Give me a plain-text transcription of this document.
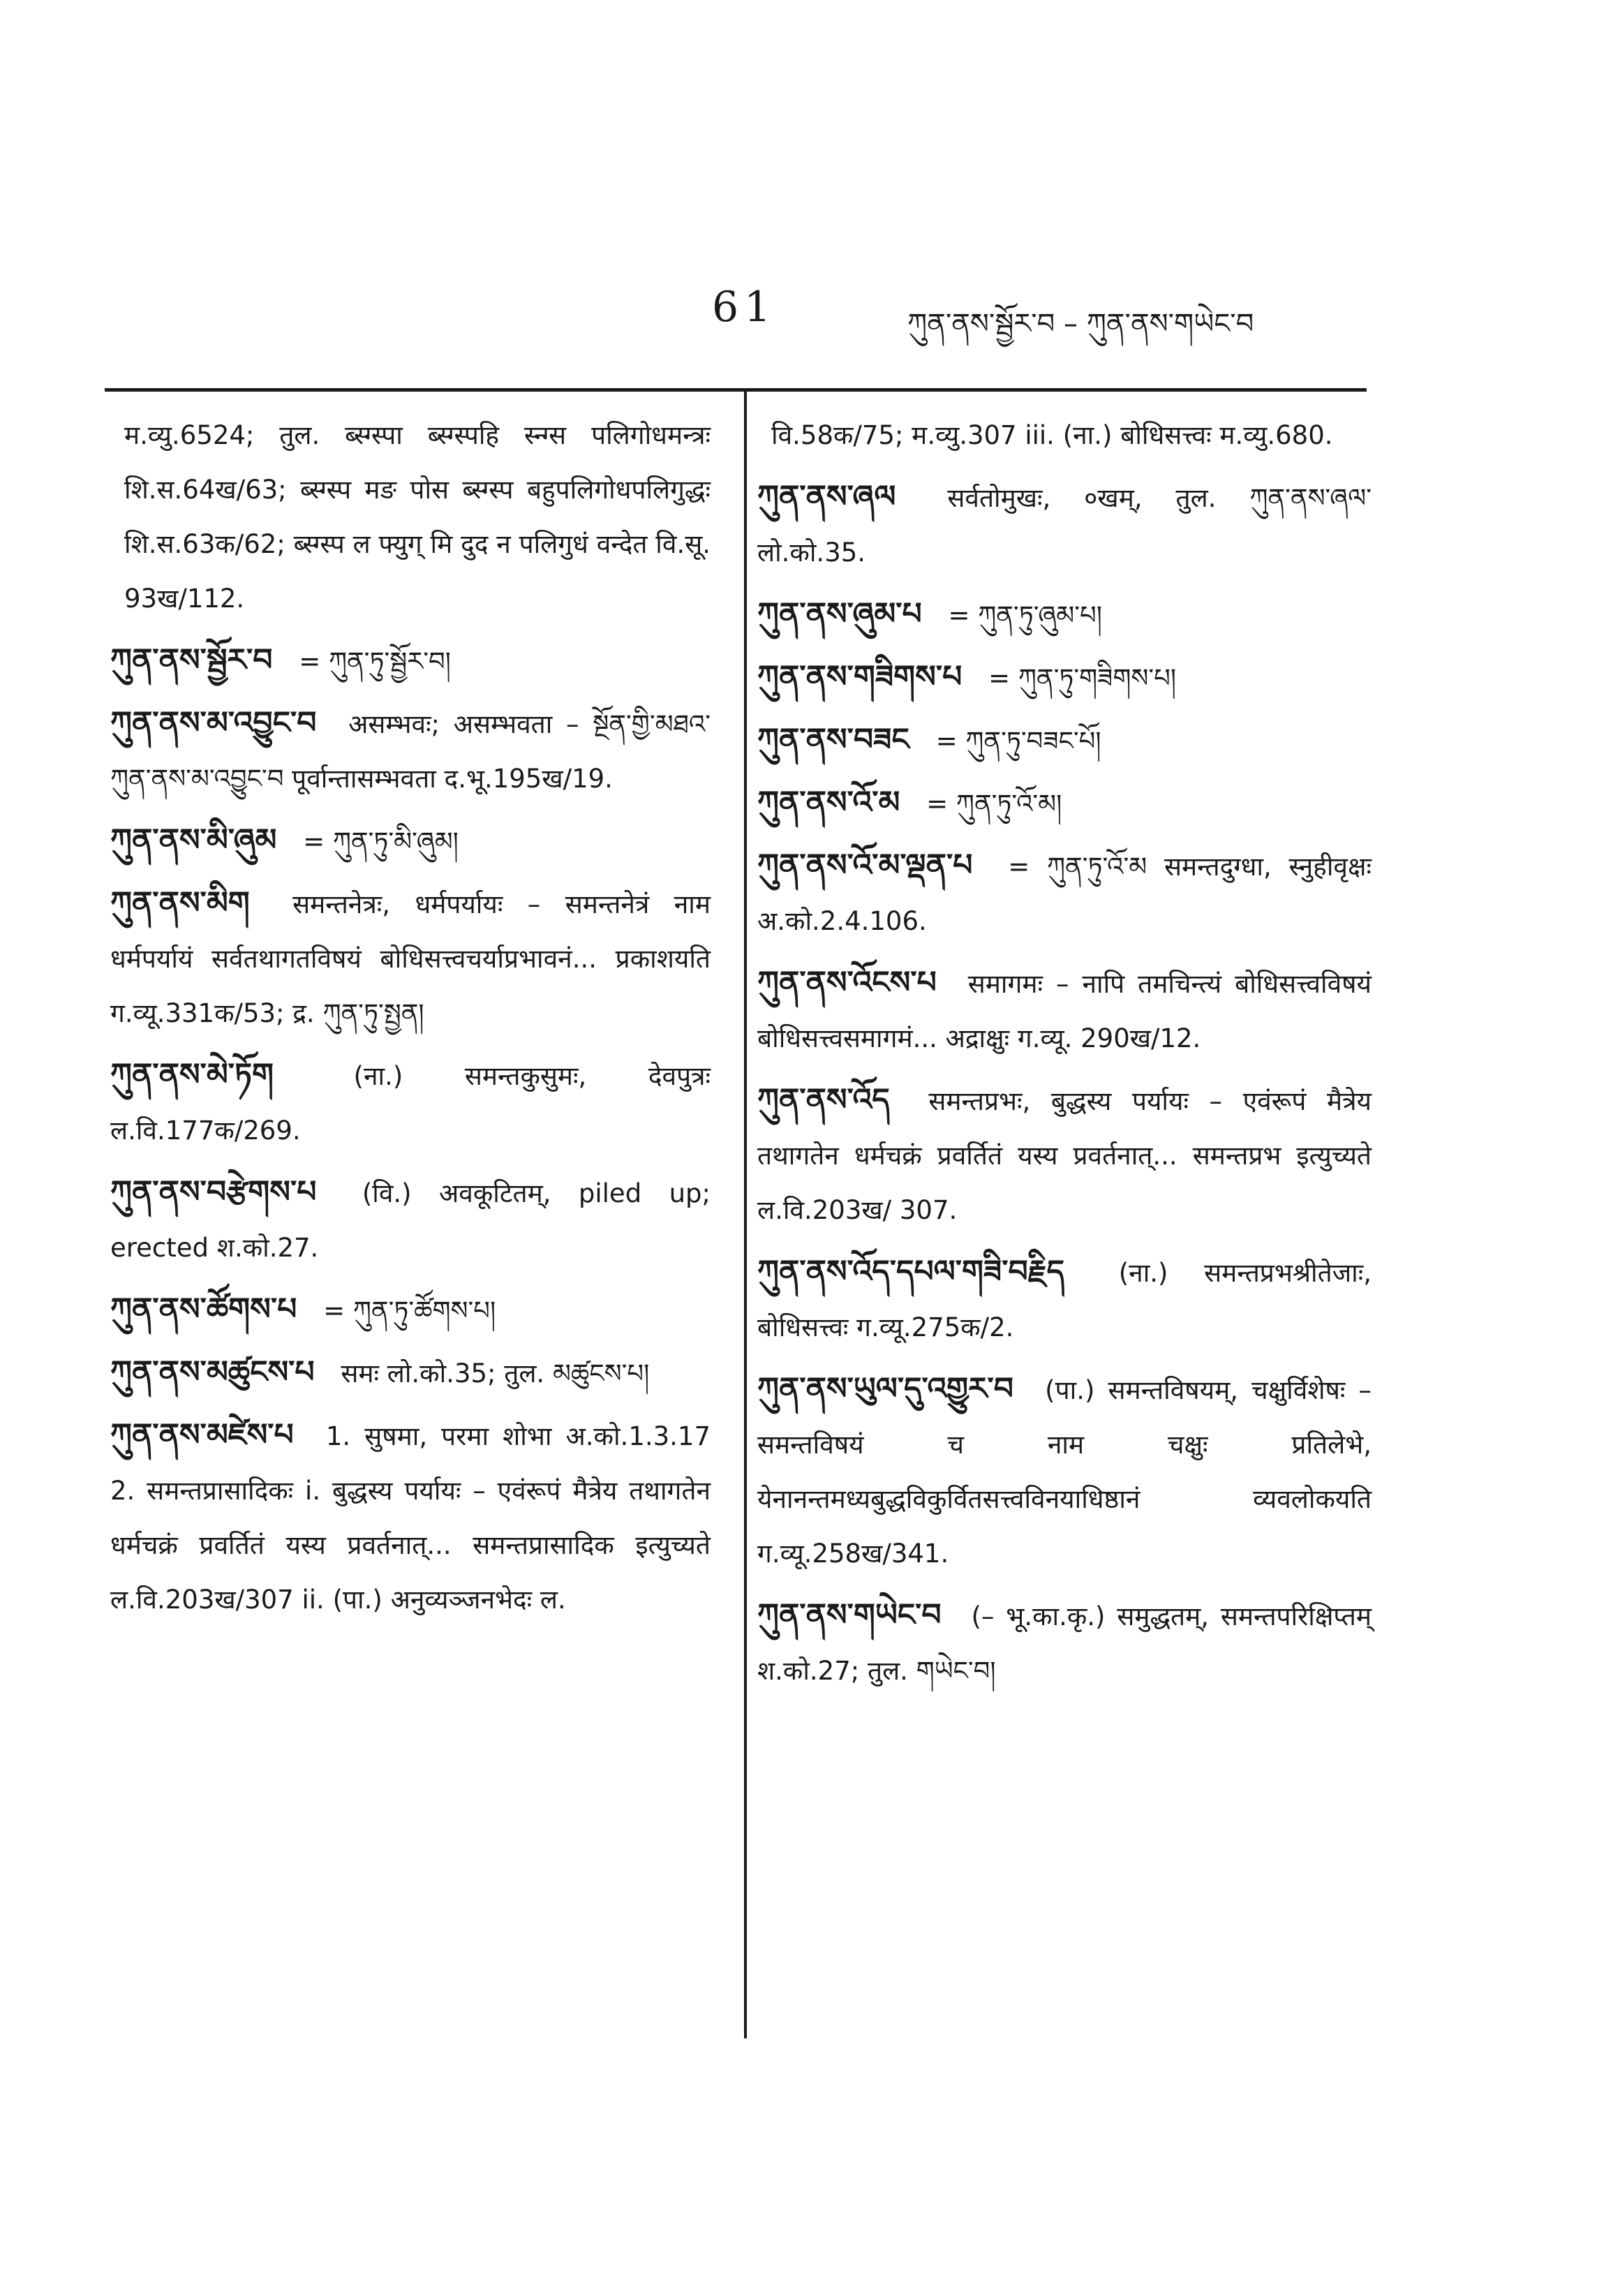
61	ཀུན་ནས་སྦྱོར་བ – ཀུན་ནས་གཡེང་བ
म.व्यु.6524; तुल. ब्स्ग्स्पा ब्स्ग्स्पहि स्न्ग्स पलिगोधमन्त्रः शि.स.64ख/63; ब्स्ग्स्प मङ पोस ब्स्ग्स्प बहुपलिगोधपलिगुद्धः शि.स.63क/62; ब्स्ग्स्प ल फ्युग् मि दुद न पलिगुधं वन्देत वि.सू. 93ख/112.
ཀུན་ནས་སྦྱོར་བ = ཀུན་ཏུ་སྦྱོར་བ།
ཀུན་ནས་མ་འབྱུང་བ असम्भवः; असम्भवता – སྔོན་གྱི་མཐའ་ཀུན་ནས་མ་འབྱུང་བ पूर्वान्तासम्भवता द.भू.195ख/19.
ཀུན་ནས་མི་ཞུམ = ཀུན་ཏུ་མི་ཞུམ།
ཀུན་ནས་མིག समन्तनेत्रः, धर्मपर्यायः – समन्तनेत्रं नाम धर्मपर्यायं सर्वतथागतविषयं बोधिसत्त्वचर्याप्रभावनं... प्रकाशयति ग.व्यू.331क/53; द्र. ཀུན་ཏུ་སྤྱན།
ཀུན་ནས་མེ་ཏོག	(ना.) समन्तकुसुमः, देवपुत्रः ल.वि.177क/269.
ཀུན་ནས་བརྩེགས་པ (वि.) अवकूटितम्, piled up; erected श.को.27.
ཀུན་ནས་ཚོགས་པ = ཀུན་ཏུ་ཚོགས་པ།
ཀུན་ནས་མཚུངས་པ समः लो.को.35; तुल. མཚུངས་པ།
ཀུན་ནས་མཛེས་པ 1. सुषमा, परमा शोभा अ.को.1.3.17 2. समन्तप्रासादिकः i. बुद्धस्य पर्यायः – एवंरूपं मैत्रेय तथागतेन धर्मचक्रं प्रवर्तितं यस्य प्रवर्तनात्... समन्तप्रासादिक इत्युच्यते ल.वि.203ख/307 ii. (पा.) अनुव्यञ्जनभेदः ल.
वि.58क/75; म.व्यु.307 iii. (ना.) बोधिसत्त्वः म.व्यु.680.
ཀུན་ནས་ཞལ सर्वतोमुखः, ०खम्, तुल. ཀུན་ནས་ཞལ་ लो.को.35.
ཀུན་ནས་ཞུམ་པ = ཀུན་ཏུ་ཞུམ་པ།
ཀུན་ནས་གཟིགས་པ = ཀུན་ཏུ་གཟིགས་པ།
ཀུན་ནས་བཟང = ཀུན་ཏུ་བཟང་པོ།
ཀུན་ནས་འོ་མ = ཀུན་ཏུ་འོ་མ།
ཀུན་ནས་འོ་མ་ལྡན་པ = ཀུན་ཏུ་འོ་མ समन्तदुग्धा, स्नुहीवृक्षः अ.को.2.4.106.
ཀུན་ནས་འོངས་པ समागमः – नापि तमचिन्त्यं बोधिसत्त्वविषयं बोधिसत्त्वसमागमं... अद्राक्षुः ग.व्यू. 290ख/12.
ཀུན་ནས་འོད समन्तप्रभः, बुद्धस्य पर्यायः – एवंरूपं मैत्रेय तथागतेन धर्मचक्रं प्रवर्तितं यस्य प्रवर्तनात्... समन्तप्रभ इत्युच्यते ल.वि.203ख/ 307.
ཀུན་ནས་འོད་དཔལ་གཟི་བརྗིད (ना.) समन्तप्रभश्रीतेजाः, बोधिसत्त्वः ग.व्यू.275क/2.
ཀུན་ནས་ཡུལ་དུ་འགྱུར་བ (पा.) समन्तविषयम्, चक्षुर्विशेषः – समन्तविषयं च नाम चक्षुः प्रतिलेभे, येनानन्तमध्यबुद्धविकुर्वितसत्त्वविनयाधिष्ठानं व्यवलोकयति ग.व्यू.258ख/341.
ཀུན་ནས་གཡེང་བ (– भू.का.कृ.) समुद्धतम्, समन्तपरिक्षिप्तम् श.को.27; तुल. གཡེང་བ།
